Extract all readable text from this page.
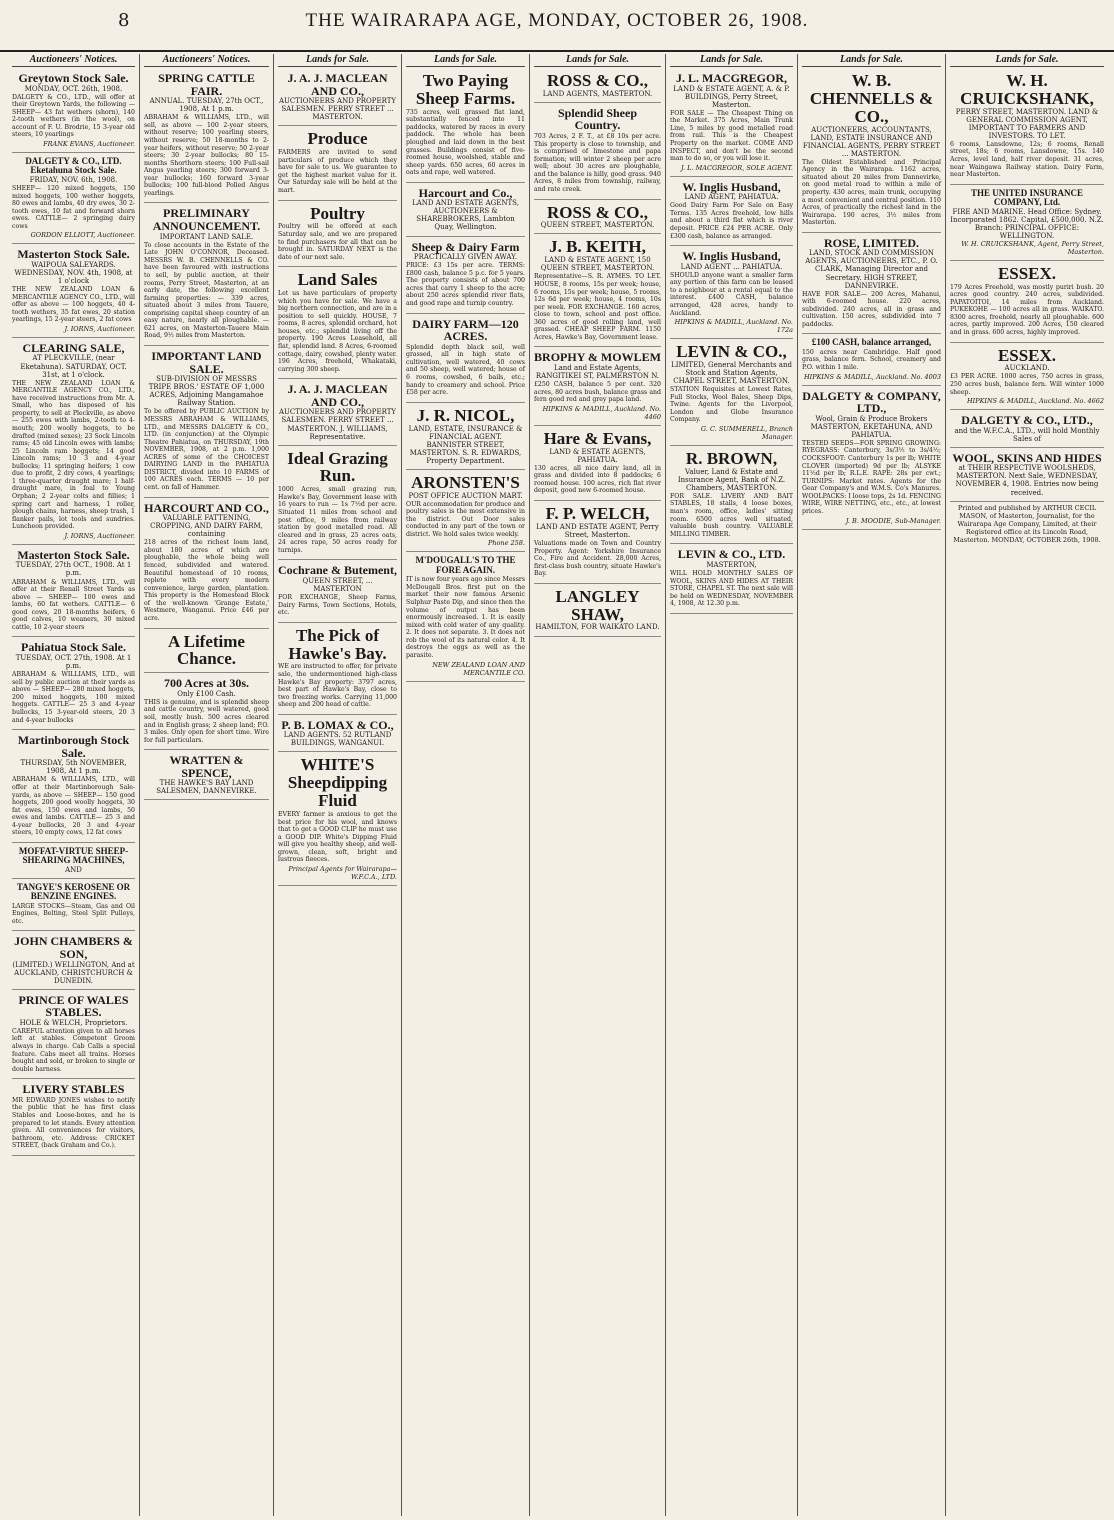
8	THE WAIRARAPA AGE, MONDAY, OCTOBER 26, 1908.
Auctioneers' Notices.
Greytown Stock Sale.
MONDAY, OCT. 26th, 1908.
DALGETY & CO., LTD., will offer at their Greytown Yards, the following — SHEEP— 43 fat wethers (shorn), 140 2-tooth wethers (in the wool), on account of F. U. Brodrie, 15 3-year old steers, 10 yearlings
FRANK EVANS, Auctioneer.
DALGETY & CO., LTD. Eketahuna Stock Sale.
FRIDAY, NOV. 6th, 1908.
SHEEP— 120 mixed hoggets, 150 mixed hoggets, 100 wether hoggets, 80 ewes and lambs, 40 dry ewes, 30 2-tooth ewes, 10 fat and forward shorn ewes. CATTLE— 2 springing dairy cows
GORDON ELLIOTT, Auctioneer.
Masterton Stock Sale.
WAIPOUA SALEYARDS. WEDNESDAY, NOV. 4th, 1908, at 1 o'clock
THE NEW ZEALAND LOAN & MERCANTILE AGENCY CO., LTD., will offer as above — 100 hoggets, 40 4-tooth wethers, 35 fat ewes, 20 station yearlings, 15 2-year steers, 2 fat cows
J. IORNS, Auctioneer.
CLEARING SALE,
AT PLECKVILLE, (near Eketahuna). SATURDAY, OCT. 31st, at 1 o'clock.
THE NEW ZEALAND LOAN & MERCANTILE AGENCY CO., LTD., have received instructions from Mr. A. Small, who has disposed of his property, to sell at Pleckville, as above — 255 ewes with lambs, 2-tooth to 4-mouth; 200 woolly hoggets, to be drafted (mixed sexes); 23 Sock Lincoln rams; 45 old Lincoln ewes with lambs; 25 Lincoln ram hoggets; 14 good Lincoln rams; 10 3 and 4-year bullocks; 11 springing heifers; 1 cow due to profit, 2 dry cows, 4 yearlings; 1 three-quarter draught mare; 1 half-draught mare, in foal to Young Orphan; 2 2-year colts and fillies; 1 spring cart and harness, 1 roller, plough chains, harness, sheep trash, 1 flanker pails, lot tools and sundries. Luncheon provided.
J. IORNS, Auctioneer.
Masterton Stock Sale.
TUESDAY, 27th OCT., 1908. At 1 p.m.
ABRAHAM & WILLIAMS, LTD., will offer at their Renall Street Yards as above — SHEEP— 100 ewes and lambs, 60 fat wethers. CATTLE— 6 good cows, 20 18-months heifers, 6 good calves, 10 weaners, 30 mixed cattle, 10 2-year steers
Pahiatua Stock Sale.
TUESDAY, OCT. 27th, 1908. At 1 p.m.
ABRAHAM & WILLIAMS, LTD., will sell by public auction at their yards as above — SHEEP— 280 mixed hoggets, 200 mixed hoggets, 100 mixed hoggets. CATTLE— 25 3 and 4-year bullocks, 15 3-year-old steers, 20 3 and 4-year bullocks
Martinborough Stock Sale.
THURSDAY, 5th NOVEMBER, 1908, At 1 p.m.
ABRAHAM & WILLIAMS, LTD., will offer at their Martinborough Sale-yards, as above — SHEEP— 150 good hoggets, 200 good woolly hoggets, 30 fat ewes, 150 ewes and lambs, 50 ewes and lambs. CATTLE— 25 3 and 4-year bullocks, 20 3 and 4-year steers, 10 empty cows, 12 fat cows
MOFFAT-VIRTUE SHEEP-SHEARING MACHINES,
AND
TANGYE'S KEROSENE OR BENZINE ENGINES.
LARGE STOCKS—Steam, Gas and Oil Engines, Belting, Steel Split Pulleys, etc.
JOHN CHAMBERS & SON,
(LIMITED.) WELLINGTON, And at AUCKLAND, CHRISTCHURCH & DUNEDIN.
PRINCE OF WALES STABLES.
HOLE & WELCH, Proprietors.
CAREFUL attention given to all horses left at stables. Competent Groom always in charge. Cab Calls a special feature. Cabs meet all trains. Horses bought and sold, or broken to single or double harness.
LIVERY STABLES
MR EDWARD JONES wishes to notify the public that he has first class Stables and Loose-boxes, and he is prepared to let stands. Every attention given. All conveniences for visitors, bathroom, etc. Address: CRICKET STREET, (back Graham and Co.).
Auctioneers' Notices.
SPRING CATTLE FAIR.
ANNUAL. TUESDAY, 27th OCT., 1908, At 1 p.m.
ABRAHAM & WILLIAMS, LTD., will sell, as above — 100 2-year steers, without reserve; 100 yearling steers, without reserve; 50 18-months to 2-year heifers, without reserve; 50 2-year steers; 30 2-year bullocks; 80 15-months Shorthorn steers; 100 Full-sail Angus yearling steers; 300 forward 3-year bullocks; 160 forward 3-year bullocks; 100 full-blood Polled Angus yearlings.
PRELIMINARY ANNOUNCEMENT.
IMPORTANT LAND SALE.
To close accounts in the Estate of the Late JOHN O'CONNOR, Deceased. MESSRS W. B. CHENNELLS & CO. have been favoured with instructions to sell, by public auction, at their rooms, Perry Street, Masterton, at an early date, the following excellent farming properties: — 339 acres, situated about 3 miles from Tauere, comprising capital sheep country of an easy nature, nearly all ploughable. — 621 acres, on Masterton-Tauere Main Road, 9½ miles from Masterton.
IMPORTANT LAND SALE.
SUB-DIVISION OF MESSRS TRIPE BROS.' ESTATE OF 1,000 ACRES, Adjoining Mangamahoe Railway Station.
To be offered by PUBLIC AUCTION by MESSRS ABRAHAM & WILLIAMS, LTD., and MESSRS DALGETY & CO., LTD. (in conjunction) at the Olympic Theatre Pahiatua, on THURSDAY, 19th NOVEMBER, 1908, at 2 p.m. 1,000 ACRES of some of the CHOICEST DAIRYING LAND in the PAHIATUA DISTRICT, divided into 10 FARMS of 100 ACRES each. TERMS — 10 per cent. on fall of Hammer.
HARCOURT AND CO.,
VALUABLE FATTENING, CROPPING, AND DAIRY FARM, containing
218 acres of the richest loam land, about 180 acres of which are ploughable, the whole being well fenced, subdivided and watered. Beautiful homestead of 10 rooms, replete with every modern convenience, large garden, plantation. This property is the Homestead Block of the well-known 'Grange Estate,' Westmere, Wanganui. Price £46 per acre.
A Lifetime Chance.
700 Acres at 30s.
Only £100 Cash.
THIS is genuine, and is splendid sheep and cattle country, well watered, good soil, mostly bush. 500 acres cleared and in English grass; 2 sheep land; P.O. 3 miles. Only open for short time. Wire for full particulars.
WRATTEN & SPENCE,
THE HAWKE'S BAY LAND SALESMEN, DANNEVIRKE.
Lands for Sale.
J. A. J. MACLEAN AND CO.,
AUCTIONEERS AND PROPERTY SALESMEN. PERRY STREET ... MASTERTON.
Produce
FARMERS are invited to send particulars of produce which they have for sale to us. We guarantee to get the highest market value for it. Our Saturday sale will be held at the mart.
Poultry
Poultry will be offered at each Saturday sale, and we are prepared to find purchasers for all that can be brought in. SATURDAY NEXT is the date of our next sale.
Land Sales
Let us have particulars of property which you have for sale. We have a big northern connection, and are in a position to sell quickly. HOUSE, 7 rooms, 8 acres, splendid orchard, hot houses, etc.; splendid living off the property. 190 Acres Leasehold, all flat, splendid land. 8 Acres, 6-roomed cottage, dairy, cowshed, plenty water. 196 Acres, freehold, Whakataki, carrying 300 sheep.
J. A. J. MACLEAN AND CO.,
AUCTIONEERS AND PROPERTY SALESMEN. PERRY STREET ... MASTERTON. J. WILLIAMS, Representative.
Ideal Grazing Run.
1000 Acres, small grazing run, Hawke's Bay, Government lease with 16 years to run — 1s 7½d per acre. Situated 11 miles from school and post office, 9 miles from railway station by good metalled road. All cleared and in grass, 25 acres oats, 24 acres rape, 50 acres ready for turnips.
Cochrane & Butement,
QUEEN STREET, ... MASTERTON
FOR EXCHANGE, Sheep Farms, Dairy Farms, Town Sections, Hotels, etc.
The Pick of Hawke's Bay.
WE are instructed to offer, for private sale, the undermentioned high-class Hawke's Bay property: 3797 acres, best part of Hawke's Bay, close to two freezing works. Carrying 11,000 sheep and 200 head of cattle.
P. B. LOMAX & CO.,
LAND AGENTS. 52 RUTLAND BUILDINGS, WANGANUI.
WHITE'S Sheepdipping Fluid
EVERY farmer is anxious to get the best price for his wool, and knows that to get a GOOD CLIP he must use a GOOD DIP. White's Dipping Fluid will give you healthy sheep, and well-grown, clean, soft, bright and lustrous fleeces.
Principal Agents for Wairarapa— W.F.C.A., LTD.
Lands for Sale.
Two Paying Sheep Farms.
735 acres, well grassed flat land, substantially fenced into 11 paddocks, watered by races in every paddock. The whole has been ploughed and laid down in the best grasses. Buildings consist of five-roomed house, woolshed, stable and sheep yards. 650 acres, 60 acres in oats and rape, well watered.
Harcourt and Co.,
LAND AND ESTATE AGENTS, AUCTIONEERS & SHAREBROKERS, Lambton Quay, Wellington.
Sheep & Dairy Farm
PRACTICALLY GIVEN AWAY.
PRICE: £3 15s per acre. TERMS: £800 cash, balance 5 p.c. for 5 years. The property consists of about 700 acres that carry 1 sheep to the acre; about 250 acres splendid river flats, and good rape and turnip country.
DAIRY FARM—120 ACRES.
Splendid depth black soil, well grassed, all in high state of cultivation, well watered, 40 cows and 50 sheep, well watered; house of 6 rooms, cowshed, 6 bails, etc.; handy to creamery and school. Price £58 per acre.
J. R. NICOL,
LAND, ESTATE, INSURANCE & FINANCIAL AGENT. BANNISTER STREET, MASTERTON. S. R. EDWARDS, Property Department.
ARONSTEN'S
POST OFFICE AUCTION MART.
OUR accommodation for produce and poultry sales is the most extensive in the district. Out Door sales conducted in any part of the town or district. We hold sales twice weekly.
Phone 258.
M'DOUGALL'S TO THE FORE AGAIN.
IT is now four years ago since Messrs McDougall Bros. first put on the market their now famous Arsenic Sulphur Paste Dip, and since then the volume of output has been enormously increased. 1. It is easily mixed with cold water of any quality. 2. It does not separate. 3. It does not rob the wool of its natural color. 4. It destroys the eggs as well as the parasite.
NEW ZEALAND LOAN AND MERCANTILE CO.
Lands for Sale.
ROSS & CO.,
LAND AGENTS, MASTERTON.
Splendid Sheep Country.
703 Acres, 2 F. T., at £8 10s per acre. This property is close to township, and is comprised of limestone and papa formation; will winter 2 sheep per acre well; about 30 acres are ploughable, and the balance is hilly, good grass. 940 Acres, 8 miles from township, railway, and rate creek.
ROSS & CO.,
QUEEN STREET, MASTERTON.
J. B. KEITH,
LAND & ESTATE AGENT, 150 QUEEN STREET, MASTERTON.
Representative—S. R. AYMES. TO LET. HOUSE, 8 rooms, 15s per week; house, 6 rooms, 15s per week; house, 5 rooms, 12s 6d per week; house, 4 rooms, 10s per week. FOR EXCHANGE. 160 acres, close to town, school and post office. 360 acres of good rolling land, well grassed. CHEAP SHEEP FARM. 1150 Acres, Hawke's Bay, Government lease.
BROPHY & MOWLEM
Land and Estate Agents, RANGITIKEI ST, PALMERSTON N.
£250 CASH, balance 5 per cent. 320 acres, 80 acres bush, balance grass and fern good red and grey papa land.
HIPKINS & MADILL, Auckland. No. 4460
Hare & Evans,
LAND & ESTATE AGENTS, PAHIATUA.
130 acres, all nice dairy land, all in grass and divided into 8 paddocks; 6 roomed house. 100 acres, rich flat river deposit, good new 6-roomed house.
F. P. WELCH,
LAND AND ESTATE AGENT, Perry Street, Masterton.
Valuations made on Town and Country Property. Agent: Yorkshire Insurance Co., Fire and Accident. 28,000 Acres, first-class bush country, situate Hawke's Bay.
LANGLEY SHAW,
HAMILTON, FOR WAIKATO LAND.
Lands for Sale.
J. L. MACGREGOR,
LAND & ESTATE AGENT, A. & P. BUILDINGS, Perry Street, Masterton.
FOR SALE — The Cheapest Thing on the Market. 375 Acres, Main Trunk Line, 5 miles by good metalled road from rail. This is the Cheapest Property on the market. COME AND INSPECT, and don't be the second man to do so, or you will lose it.
J. L. MACGREGOR, SOLE AGENT.
W. Inglis Husband,
LAND AGENT, PAHIATUA.
Good Dairy Farm For Sale on Easy Terms. 135 Acres freehold, low hills and about a third flat which is river deposit. PRICE £24 PER ACRE. Only £300 cash, balance as arranged.
W. Inglis Husband,
LAND AGENT ... PAHIATUA.
SHOULD anyone want a smaller farm any portion of this farm can be leased to a neighbour at a rental equal to the interest. £400 CASH, balance arranged, 428 acres, handy to Auckland.
HIPKINS & MADILL, Auckland. No. 172a
LEVIN & CO.,
LIMITED, General Merchants and Stock and Station Agents, CHAPEL STREET, MASTERTON.
STATION Requisites at Lowest Rates, Full Stocks, Wool Bales, Sheep Dips, Twine. Agents for the Liverpool, London and Globe Insurance Company.
G. C. SUMMERELL, Branch Manager.
R. BROWN,
Valuer, Land & Estate and Insurance Agent, Bank of N.Z. Chambers, MASTERTON.
FOR SALE. LIVERY AND BAIT STABLES, 18 stalls, 4 loose boxes, man's room, office, ladies' sitting room. 6500 acres well situated, valuable bush country. VALUABLE MILLING TIMBER.
LEVIN & CO., LTD.
MASTERTON,
WILL HOLD MONTHLY SALES OF WOOL, SKINS AND HIDES AT THEIR STORE, CHAPEL ST. The next sale will be held on WEDNESDAY, NOVEMBER 4, 1908, At 12.30 p.m.
Lands for Sale.
W. B. CHENNELLS & CO.,
AUCTIONEERS, ACCOUNTANTS, LAND, ESTATE INSURANCE AND FINANCIAL AGENTS, PERRY STREET ... MASTERTON.
The Oldest Established and Principal Agency in the Wairarapa. 1162 acres, situated about 20 miles from Dannevirke, on good metal road to within a mile of property. 430 acres, main trunk, occupying a most convenient and central position. 110 Acres, of practically the richest land in the Wairarapa. 190 acres, 3½ miles from Masterton.
ROSE, LIMITED.
LAND, STOCK AND COMMISSION AGENTS, AUCTIONEERS, ETC., P. O. CLARK, Managing Director and Secretary. HIGH STREET, DANNEVIRKE.
HAVE FOR SALE— 200 Acres, Mahanui, with 6-roomed house. 220 acres, subdivided. 240 acres, all in grass and cultivation. 150 acres, subdivided into 7 paddocks.
£100 CASH, balance arranged,
150 acres near Cambridge. Half good grass, balance fern. School, creamery and P.O. within 1 mile.
HIPKINS & MADILL, Auckland. No. 4003
DALGETY & COMPANY, LTD.,
Wool, Grain & Produce Brokers MASTERTON, EKETAHUNA, AND PAHIATUA.
TESTED SEEDS—FOR SPRING GROWING: RYEGRASS: Canterbury, 3s/3½ to 3s/4½; COCKSFOOT: Canterbury 1s per lb; WHITE CLOVER (imported) 9d per lb; ALSYKE 11½d per lb; R.L.E. RAPE: 28s per cwt.; TURNIPS: Market rates. Agents for the Gear Company's and W.M.S. Co's Manures. WOOLPACKS: I loose tops, 2s 1d. FENCING WIRE, WIRE NETTING, etc., etc., at lowest prices.
J. B. MOODIE, Sub-Manager.
Lands for Sale.
W. H. CRUICKSHANK,
PERRY STREET, MASTERTON. LAND & GENERAL COMMISSION AGENT, IMPORTANT TO FARMERS AND INVESTORS. TO LET.
6 rooms, Lansdowne, 12s; 6 rooms, Renall street, 18s; 6 rooms, Lansdowne, 15s. 140 Acres, level land, half river deposit. 31 acres, near Waingawa Railway station. Dairy Farm, near Masterton.
THE UNITED INSURANCE COMPANY, Ltd.
FIRE AND MARINE. Head Office: Sydney. Incorporated 1862. Capital, £500,000. N.Z. Branch: PRINCIPAL OFFICE: WELLINGTON.
W. H. CRUICKSHANK, Agent, Perry Street, Masterton.
ESSEX.
179 Acres Freehold, was mostly puriri bush. 20 acres good country. 240 acres, subdivided. PAPATOITOI, 14 miles from Auckland. PUKEKOHE — 100 acres all in grass. WAIKATO. 8300 acres, freehold, nearly all ploughable. 600 acres, partly improved. 200 Acres, 150 cleared and in grass. 600 acres, highly improved.
ESSEX.
AUCKLAND.
£3 PER ACRE. 1000 acres, 750 acres in grass, 250 acres bush, balance fern. Will winter 1000 sheep.
HIPKINS & MADILL, Auckland. No. 4662
DALGETY & CO., LTD.,
and the W.F.C.A., LTD., will hold Monthly Sales of
WOOL, SKINS AND HIDES
at THEIR RESPECTIVE WOOLSHEDS, MASTERTON. Next Sale, WEDNESDAY, NOVEMBER 4, 1908. Entries now being received.
Printed and published by ARTHUR CECIL MASON, of Masterton, Journalist, for the Wairarapa Age Company, Limited, at their Registered office at its Lincoln Road, Masterton. MONDAY, OCTOBER 26th, 1908.
